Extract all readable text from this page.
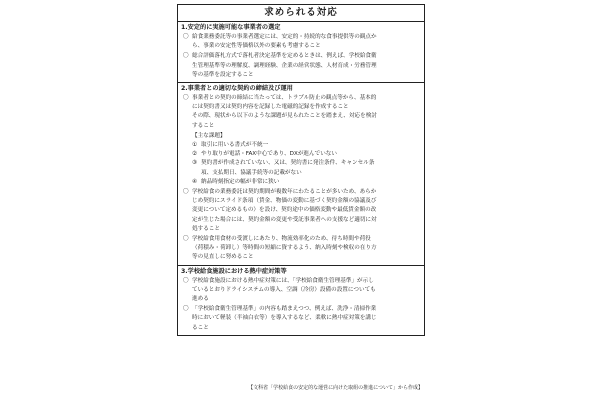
求められる対応
1.安定的に実施可能な事業者の選定
〇 給食業務委託等の事業者選定には、安定的・持続的な食事提供等の観点か

ら、事業の安定性等価格以外の要素も考慮すること

〇 総合評価落札方式で落札者決定基準を定めるときは、例えば、学校給食衛

生管理基準等の理解度、調理経験、企業の経営状態、人材育成・労務管理

等の基準を設定すること

2.事業者との適切な契約の締結及び運用
〇 事業者との契約の締結に当たっては、トラブル防止の観点等から、基本的

には契約書又は契約内容を記録した電磁的記録を作成すること

その際、現状から以下のような課題が見られたことを踏まえ、対応を検討

すること

【主な課題】
① 取引に用いる書式が不統一
② やり取りが電話・FAX中心であり、DXが進んでいない
③ 契約書が作成されていない、又は、契約書に発注条件、キャンセル条
項、支払期日、協議手続等の記載がない
④ 納品時刻指定の幅が非常に狭い
〇 学校給食の業務委託は契約期間が複数年にわたることが多いため、あらか

じめ契約にスライド条項（賃金、物価の変動に基づく契約金額の協議及び

変更について定めるもの）を設け、契約途中の価格変動や最低賃金額の改

定が生じた場合には、契約金額の変更や受託事業者への支援など適切に対

処すること

〇 学校給食用食材の受渡しにあたり、物流効率化のため、待ち時間や荷役

（荷積み・荷卸し）等時間の短縮に資するよう、納入時刻や検収の在り方

等の見直しに努めること

3.学校給食施設における熱中症対策等
〇 学校給食施設における熱中症対策には、「学校給食衛生管理基準」が示し

ているとおりドライシステムの導入、空調（冷房）設備の設置についても

進める

〇 「学校給食衛生管理基準」の内容も踏まえつつ、例えば、洗浄・清掃作業

時において軽装（半袖白衣等）を導入するなど、柔軟に熱中症対策を講じ

ること

【文科省「学校給食の安定的な運営に向けた取組の推進について」から作成】
